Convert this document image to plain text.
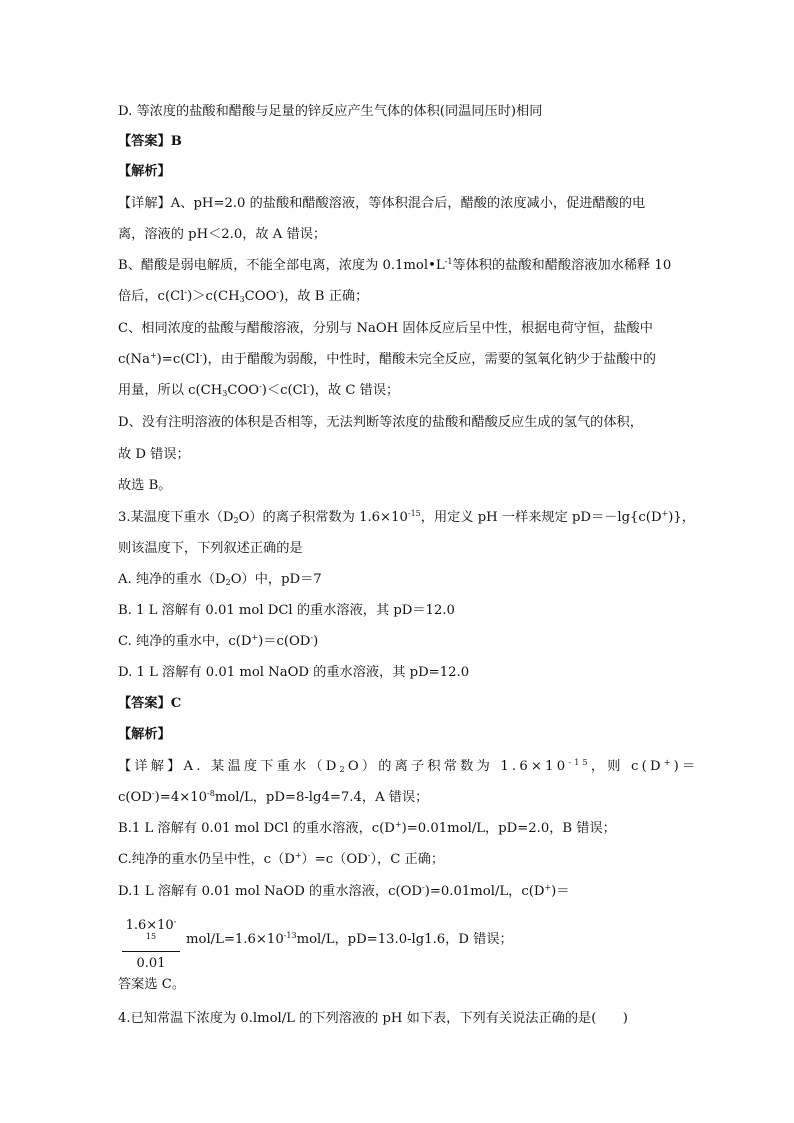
D. 等浓度的盐酸和醋酸与足量的锌反应产生气体的体积(同温同压时)相同
【答案】B
【解析】
【详解】A、pH=2.0 的盐酸和醋酸溶液，等体积混合后，醋酸的浓度减小，促进醋酸的电
离，溶液的 pH＜2.0，故 A 错误；
B、醋酸是弱电解质，不能全部电离，浓度为 $0.1mol•L^{-1}$等体积的盐酸和醋酸溶液加水稀释 10
倍后，$c(Cl^-)>c(CH_3COO^-)$，故 B 正确；
C、相同浓度的盐酸与醋酸溶液，分别与 NaOH 固体反应后呈中性，根据电荷守恒，盐酸中
c(Na+)=c(Cl-)，由于醋酸为弱酸，中性时，醋酸未完全反应，需要的氢氧化钠少于盐酸中的
用量，所以 $c(CH_3COO^-)<c(Cl^-)$，故 C 错误；
D、没有注明溶液的体积是否相等，无法判断等浓度的盐酸和醋酸反应生成的氢气的体积，
故 D 错误；
故选 B。
3.某温度下重水$(D_2O)$的离子积常数为 $1.6\times 10^{-15}$，用定义 pH 一样来规定 pD＝－lg{c(D+)}，
则该温度下，下列叙述正确的是
A. 纯净的重水$(D_2O)$中，pD＝7
B. 1 L 溶解有 0.01 mol DCl 的重水溶液，其 pD＝12.0
C. 纯净的重水中，c(D+)＝c(OD-)
D. 1 L 溶解有 0.01 mol NaOD 的重水溶液，其 pD=12.0
【答案】C
【解析】
【详解】A. 某温度下重水$(D_2O)$的离子积常数为 $1.6\times 10^{-15}$，则 c(D+)＝
$c(OD^-)=4\times 10^{-8}mol/L$，pD=8-lg4=7.4，A 错误；
B.1 L 溶解有 0.01 mol DCl 的重水溶液，c(D+)=0.01mol/L，pD=2.0，B 错误；
C.纯净的重水仍呈中性，c（D+）=c（OD-），C 正确；
D.1 L 溶解有 0.01 mol NaOD 的重水溶液，c(OD-)=0.01mol/L，c(D+)＝
$\frac{1.6\times 10^{-15}}{0.01} mol/L=1.6\times 10^{-13}mol/L$，pD=13.0-lg1.6，D 错误；
答案选 C。
4.已知常温下浓度为 0.lmol/L 的下列溶液的 pH 如下表，下列有关说法正确的是(　　)
